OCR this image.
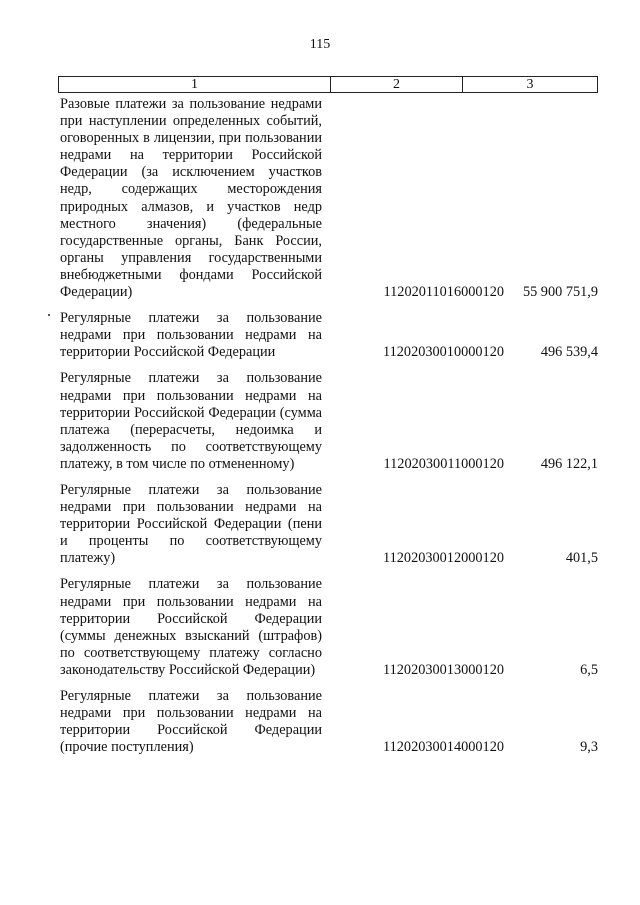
115
1	2	3
Разовые платежи за пользование недрами при наступлении определенных событий, оговоренных в лицензии, при пользовании недрами на территории Российской Федерации (за исключением участков недр, содержащих месторождения природных алмазов, и участков недр местного значения) (федеральные государственные органы, Банк России, органы управления государственными внебюджетными фондами Российской Федерации)	11202011016000120	55 900 751,9
Регулярные платежи за пользование недрами при пользовании недрами на территории Российской Федерации	11202030010000120	496 539,4
Регулярные платежи за пользование недрами при пользовании недрами на территории Российской Федерации (сумма платежа (перерасчеты, недоимка и задолженность по соответствующему платежу, в том числе по отмененному)	11202030011000120	496 122,1
Регулярные платежи за пользование недрами при пользовании недрами на территории Российской Федерации (пени и проценты по соответствующему платежу)	11202030012000120	401,5
Регулярные платежи за пользование недрами при пользовании недрами на территории Российской Федерации (суммы денежных взысканий (штрафов) по соответствующему платежу согласно законодательству Российской Федерации)	11202030013000120	6,5
Регулярные платежи за пользование недрами при пользовании недрами на территории Российской Федерации (прочие поступления)	11202030014000120	9,3
